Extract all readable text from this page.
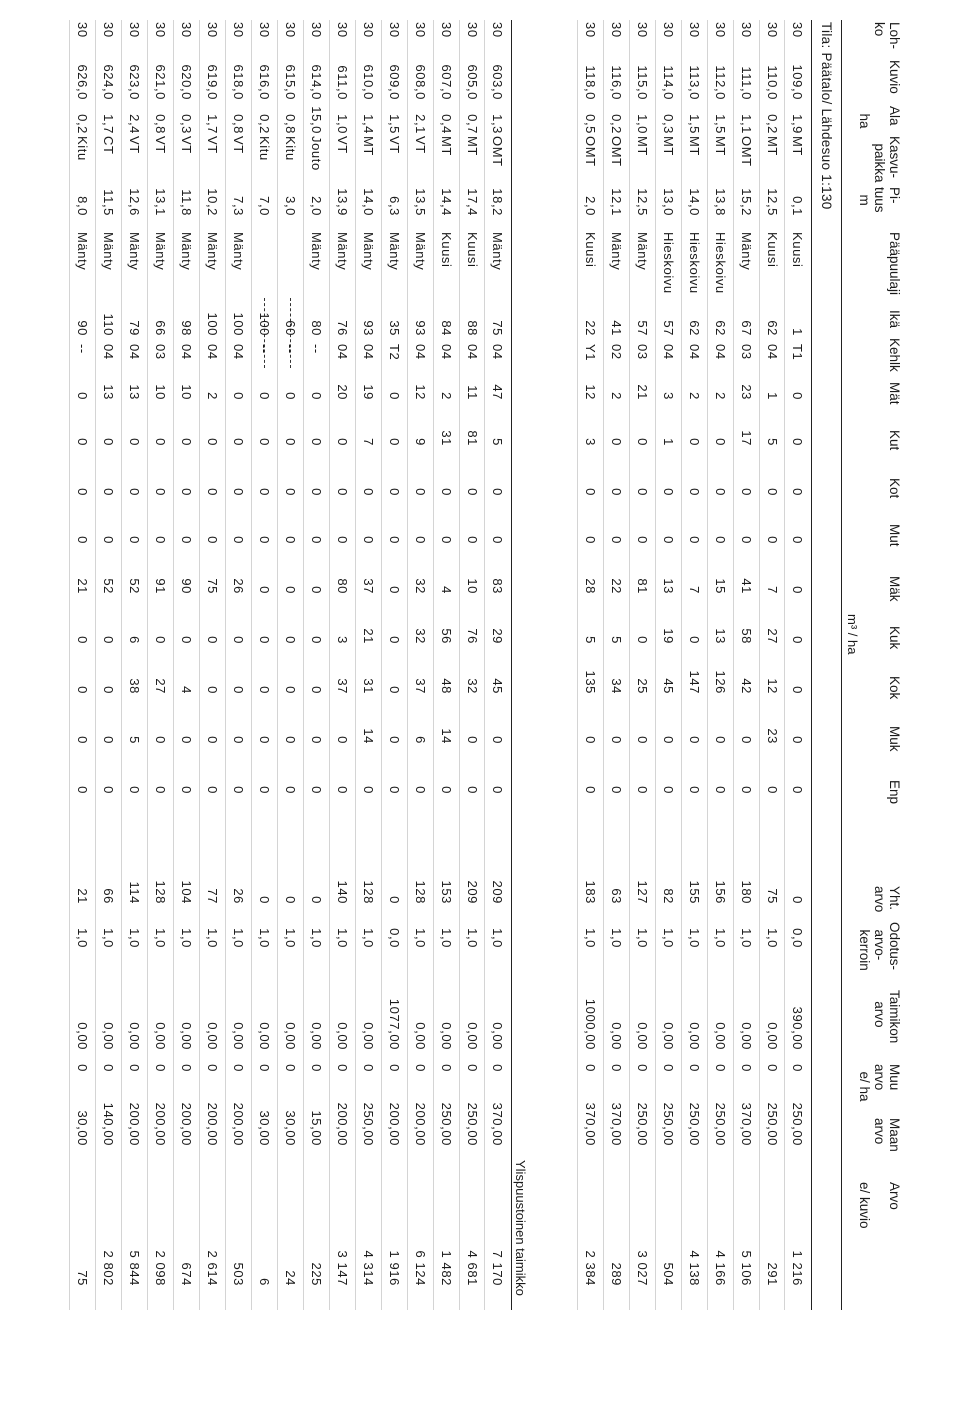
Loh-
ko
Kuvio
Ala

ha
Kasvu-
paikka
Pi-
tuus
m
Pääpuulaji
Ikä
Kehlk
Mät
Kut
Kot
Mut
Mäk
Kuk
Kok
Muk
Enp
m³ / ha
Yht.
arvo
Odotus-
arvo-
kerroin
Taimikon
arvo
Muu
arvo
e/ ha
Maan
arvo
Arvo

e/ kuvio
Tila: Päätalo/ Lähdesuo 1:130
30
109,0
1,9
MT
0,1
Kuusi
1
T1
0
0
0
0
0
0
0
0
0
0
0,0
390,00
0
250,00
1 216
30
110,0
0,2
MT
12,5
Kuusi
62
04
1
5
0
0
7
27
12
23
0
75
1,0
0,00
0
250,00
291
30
111,0
1,1
OMT
15,2
Mänty
67
03
23
17
0
0
41
58
42
0
0
180
1,0
0,00
0
370,00
5 106
30
112,0
1,5
MT
13,8
Hieskoivu
62
04
2
0
0
0
15
13
126
0
0
156
1,0
0,00
0
250,00
4 166
30
113,0
1,5
MT
14,0
Hieskoivu
62
04
2
0
0
0
7
0
147
0
0
155
1,0
0,00
0
250,00
4 138
30
114,0
0,3
MT
13,0
Hieskoivu
57
04
3
1
0
0
13
19
45
0
0
82
1,0
0,00
0
250,00
504
30
115,0
1,0
MT
12,5
Mänty
57
03
21
0
0
0
81
0
25
0
0
127
1,0
0,00
0
250,00
3 027
30
116,0
0,2
OMT
12,1
Mänty
41
02
2
0
0
0
22
5
34
0
0
63
1,0
0,00
0
370,00
289
30
118,0
0,5
OMT
2,0
Kuusi
22
Y1
12
3
0
0
28
5
135
0
0
183
1,0
1000,00
0
370,00
2 384
30
603,0
1,3
OMT
18,2
Mänty
75
04
47
5
0
0
83
29
45
0
0
209
1,0
0,00
0
370,00
7 170
30
605,0
0,7
MT
17,4
Kuusi
88
04
11
81
0
0
10
76
32
0
0
209
1,0
0,00
0
250,00
4 681
30
607,0
0,4
MT
14,4
Kuusi
84
04
2
31
0
0
4
56
48
14
0
153
1,0
0,00
0
250,00
1 482
30
608,0
2,1
VT
13,5
Mänty
93
04
12
9
0
0
32
32
37
6
0
128
1,0
0,00
0
200,00
6 124
30
609,0
1,5
VT
6,3
Mänty
35
T2
0
0
0
0
0
0
0
0
0
0
0,0
1077,00
0
200,00
1 916
30
610,0
1,4
MT
14,0
Mänty
93
04
19
7
0
0
37
21
31
14
0
128
1,0
0,00
0
250,00
4 314
30
611,0
1,0
VT
13,9
Mänty
76
04
20
0
0
0
80
3
37
0
0
140
1,0
0,00
0
200,00
3 147
30
614,0
15,0
Jouto
2,0
Mänty
80
--
0
0
0
0
0
0
0
0
0
0
1,0
0,00
0
15,00
225
30
615,0
0,8
Kitu
3,0
60
--
0
0
0
0
0
0
0
0
0
0
1,0
0,00
0
30,00
24
30
616,0
0,2
Kitu
7,0
100
--
0
0
0
0
0
0
0
0
0
0
1,0
0,00
0
30,00
6
30
618,0
0,8
VT
7,3
Mänty
100
04
0
0
0
0
26
0
0
0
0
26
1,0
0,00
0
200,00
503
30
619,0
1,7
VT
10,2
Mänty
100
04
2
0
0
0
75
0
0
0
0
77
1,0
0,00
0
200,00
2 614
30
620,0
0,3
VT
11,8
Mänty
98
04
10
0
0
0
90
0
4
0
0
104
1,0
0,00
0
200,00
674
30
621,0
0,8
VT
13,1
Mänty
66
03
10
0
0
0
91
0
27
0
0
128
1,0
0,00
0
200,00
2 098
30
623,0
2,4
VT
12,6
Mänty
79
04
13
0
0
0
52
6
38
5
0
114
1,0
0,00
0
200,00
5 844
30
624,0
1,7
CT
11,5
Mänty
110
04
13
0
0
0
52
0
0
0
0
66
1,0
0,00
0
140,00
2 802
30
626,0
0,2
Kitu
8,0
Mänty
90
--
0
0
0
0
21
0
0
0
0
21
1,0
0,00
0
30,00
75	Ylispuustoinen taimikko
